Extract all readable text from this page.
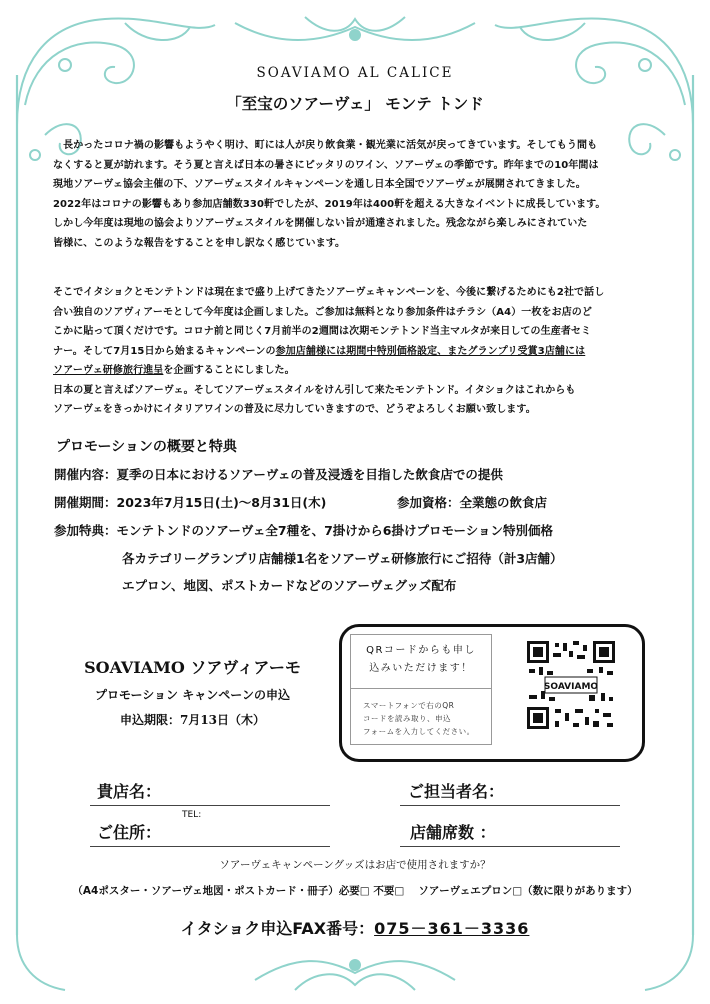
SOAVIAMO AL CALICE
「至宝のソアーヴェ」 モンテ トンド
　長かったコロナ禍の影響もようやく明け、町には人が戻り飲食業・観光業に活気が戻ってきています。そしてもう間も
なくすると夏が訪れます。そう夏と言えば日本の暑さにピッタリのワイン、ソアーヴェの季節です。昨年までの10年間は
現地ソアーヴェ協会主催の下、ソアーヴェスタイルキャンペーンを通し日本全国でソアーヴェが展開されてきました。
2022年はコロナの影響もあり参加店舗数330軒でしたが、2019年は400軒を超える大きなイベントに成長しています。
しかし今年度は現地の協会よりソアーヴェスタイルを開催しない旨が通達されました。残念ながら楽しみにされていた
皆様に、このような報告をすることを申し訳なく感じています。
そこでイタショクとモンテトンドは現在まで盛り上げてきたソアーヴェキャンペーンを、今後に繋げるためにも2社で話し
合い独自のソアヴィアーモとして今年度は企画しました。ご参加は無料となり参加条件はチラシ（A4）一枚をお店のど
こかに貼って頂くだけです。コロナ前と同じく7月前半の2週間は次期モンテトンド当主マルタが来日しての生産者セミ
ナー。そして7月15日から始まるキャンペーンの参加店舗様には期間中特別価格設定、またグランプリ受賞3店舗には
ソアーヴェ研修旅行進呈を企画することにしました。
日本の夏と言えばソアーヴェ。そしてソアーヴェスタイルをけん引して来たモンテトンド。イタショクはこれからも
ソアーヴェをきっかけにイタリアワインの普及に尽力していきますので、どうぞよろしくお願い致します。
プロモーションの概要と特典
開催内容：夏季の日本におけるソアーヴェの普及浸透を目指した飲食店での提供
開催期間：2023年7月15日(土)～8月31日(木)	参加資格：全業態の飲食店
参加特典：モンテトンドのソアーヴェ全7種を、7掛けから6掛けプロモーション特別価格
各カテゴリーグランプリ店舗様1名をソアーヴェ研修旅行にご招待（計3店舗）
エプロン、地図、ポストカードなどのソアーヴェグッズ配布
SOAVIAMO ソアヴィアーモ
プロモーション キャンペーンの申込
申込期限：7月13日（木）
QRコードからも申し
込みいただけます！
スマートフォンで右のQR
コードを読み取り、申込
フォームを入力してください。
SOAVIAMO
貴店名：	ご担当者名：
ご住所：
TEL:
店舗席数 ：
ソアーヴェキャンペーングッズはお店で使用されますか？
（A4ポスター・ソアーヴェ地図・ポストカード・冊子）必要□ 不要□　 ソアーヴェエプロン□（数に限りがあります）
イタショク申込FAX番号：075－361－3336
